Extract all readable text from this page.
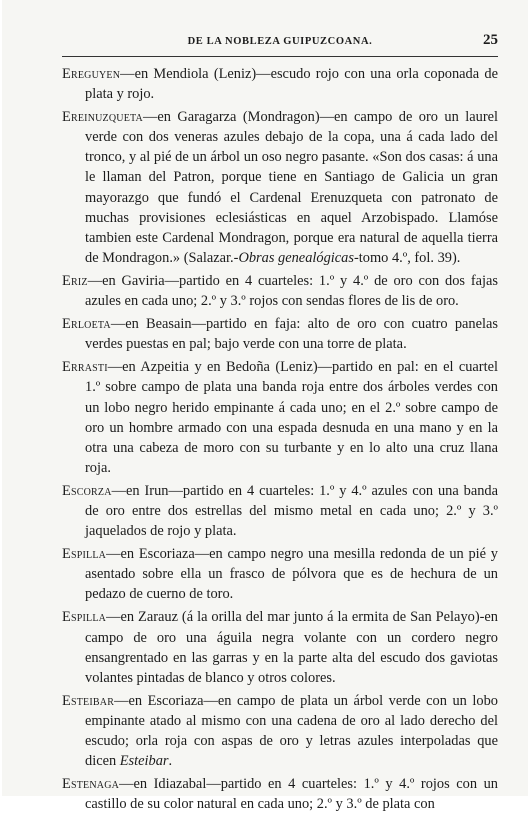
DE LA NOBLEZA GUIPUZCOANA.	25

Ereguyen—en Mendiola (Leniz)—escudo rojo con una orla coponada de plata y rojo.

Ereinuzqueta—en Garagarza (Mondragon)—en campo de oro un laurel verde con dos veneras azules debajo de la copa, una á cada lado del tronco, y al pié de un árbol un oso negro pasante. «Son dos casas: á una le llaman del Patron, porque tiene en Santiago de Galicia un gran mayorazgo que fundó el Cardenal Erenuzqueta con patronato de muchas provisiones eclesiásticas en aquel Arzobispado. Llamóse tambien este Cardenal Mondragon, porque era natural de aquella tierra de Mondragon.» (Salazar.-Obras genealógicas-tomo 4.º, fol. 39).

Eriz—en Gaviria—partido en 4 cuarteles: 1.º y 4.º de oro con dos fajas azules en cada uno; 2.º y 3.º rojos con sendas flores de lis de oro.

Erloeta—en Beasain—partido en faja: alto de oro con cuatro panelas verdes puestas en pal; bajo verde con una torre de plata.

Errasti—en Azpeitia y en Bedoña (Leniz)—partido en pal: en el cuartel 1.º sobre campo de plata una banda roja entre dos árboles verdes con un lobo negro herido empinante á cada uno; en el 2.º sobre campo de oro un hombre armado con una espada desnuda en una mano y en la otra una cabeza de moro con su turbante y en lo alto una cruz llana roja.

Escorza—en Irun—partido en 4 cuarteles: 1.º y 4.º azules con una banda de oro entre dos estrellas del mismo metal en cada uno; 2.º y 3.º jaquelados de rojo y plata.

Espilla—en Escoriaza—en campo negro una mesilla redonda de un pié y asentado sobre ella un frasco de pólvora que es de hechura de un pedazo de cuerno de toro.

Espilla—en Zarauz (á la orilla del mar junto á la ermita de San Pelayo)-en campo de oro una águila negra volante con un cordero negro ensangrentado en las garras y en la parte alta del escudo dos gaviotas volantes pintadas de blanco y otros colores.

Esteibar—en Escoriaza—en campo de plata un árbol verde con un lobo empinante atado al mismo con una cadena de oro al lado derecho del escudo; orla roja con aspas de oro y letras azules interpoladas que dicen Esteibar.

Estenaga—en Idiazabal—partido en 4 cuarteles: 1.º y 4.º rojos con un castillo de su color natural en cada uno; 2.º y 3.º de plata con
